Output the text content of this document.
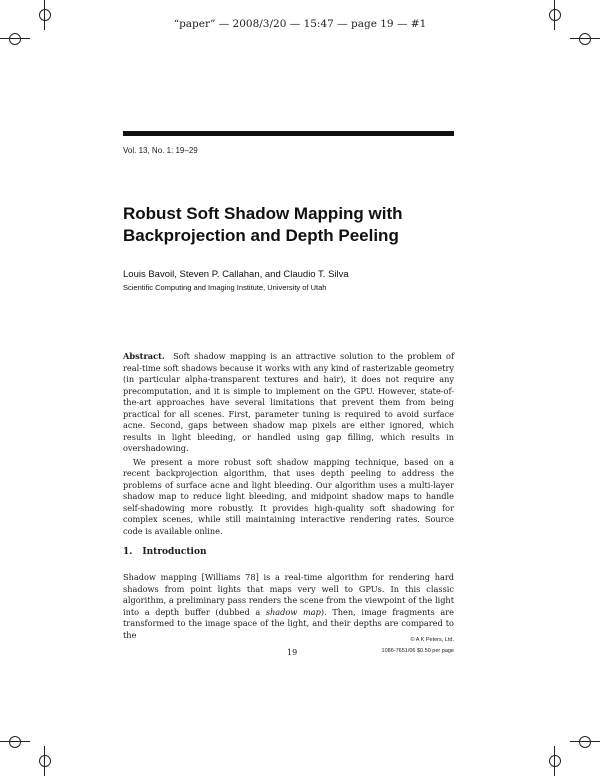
“paper” — 2008/3/20 — 15:47 — page 19 — #1
Vol. 13, No. 1: 19–29
Robust Soft Shadow Mapping with
Backprojection and Depth Peeling
Louis Bavoil, Steven P. Callahan, and Claudio T. Silva
Scientific Computing and Imaging Institute, University of Utah

Abstract. Soft shadow mapping is an attractive solution to the problem of real-time soft shadows because it works with any kind of rasterizable geometry (in particular alpha-transparent textures and hair), it does not require any precomputation, and it is simple to implement on the GPU. However, state-of-the-art approaches have several limitations that prevent them from being practical for all scenes. First, parameter tuning is required to avoid surface acne. Second, gaps between shadow map pixels are either ignored, which results in light bleeding, or handled using gap filling, which results in overshadowing.

We present a more robust soft shadow mapping technique, based on a recent backprojection algorithm, that uses depth peeling to address the problems of surface acne and light bleeding. Our algorithm uses a multi-layer shadow map to reduce light bleeding, and midpoint shadow maps to handle self-shadowing more robustly. It provides high-quality soft shadowing for complex scenes, while still maintaining interactive rendering rates. Source code is available online.

1. Introduction

Shadow mapping [Williams 78] is a real-time algorithm for rendering hard shadows from point lights that maps very well to GPUs. In this classic algorithm, a preliminary pass renders the scene from the viewpoint of the light into a depth buffer (dubbed a shadow map). Then, image fragments are transformed to the image space of the light, and their depths are compared to the

© A K Peters, Ltd.
19	1086-7651/06 $0.50 per page
